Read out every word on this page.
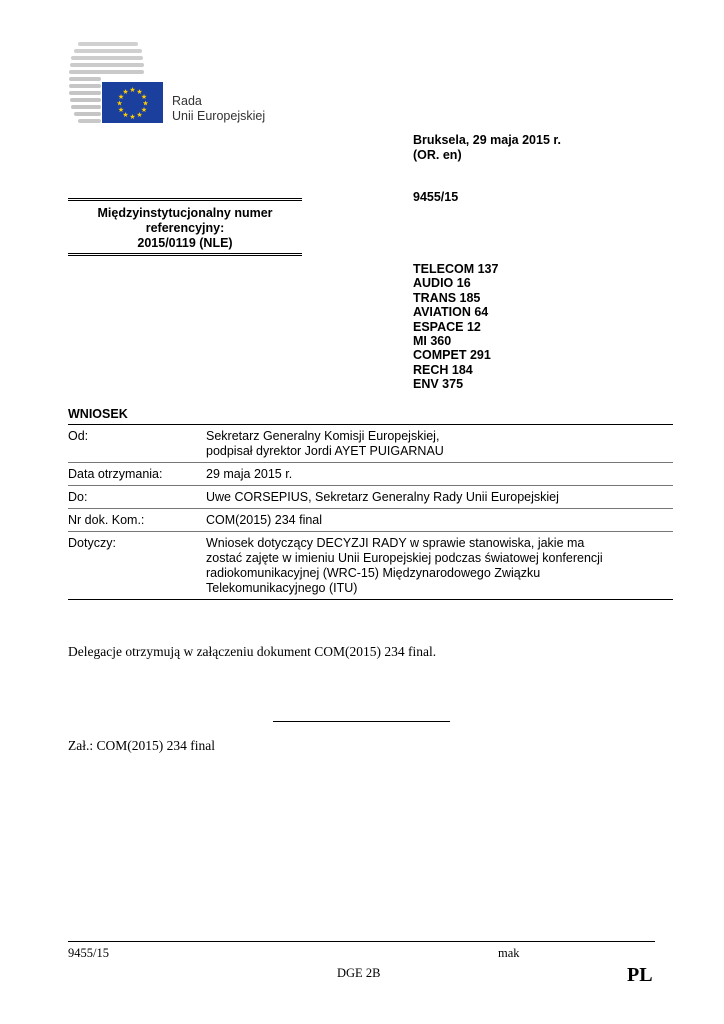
★ ★
★
★
★
★
★
★
★
★
★
★
Rada
Unii Europejskiej
Bruksela, 29 maja 2015 r.
(OR. en)
9455/15
Międzyinstytucjonalny numer
referencyjny:
2015/0119 (NLE)
TELECOM 137
AUDIO 16
TRANS 185
AVIATION 64
ESPACE 12
MI 360
COMPET 291
RECH 184
ENV 375
WNIOSEK
Od:	Sekretarz Generalny Komisji Europejskiej,
podpisał dyrektor Jordi AYET PUIGARNAU
Data otrzymania:	29 maja 2015 r.
Do:	Uwe CORSEPIUS, Sekretarz Generalny Rady Unii Europejskiej
Nr dok. Kom.:	COM(2015) 234 final
Dotyczy:	Wniosek dotyczący DECYZJI RADY w sprawie stanowiska, jakie ma
zostać zajęte w imieniu Unii Europejskiej podczas światowej konferencji
radiokomunikacyjnej (WRC-15) Międzynarodowego Związku
Telekomunikacyjnego (ITU)
Delegacje otrzymują w załączeniu dokument COM(2015) 234 final.
Zał.: COM(2015) 234 final
9455/15	mak
DGE 2B	PL
